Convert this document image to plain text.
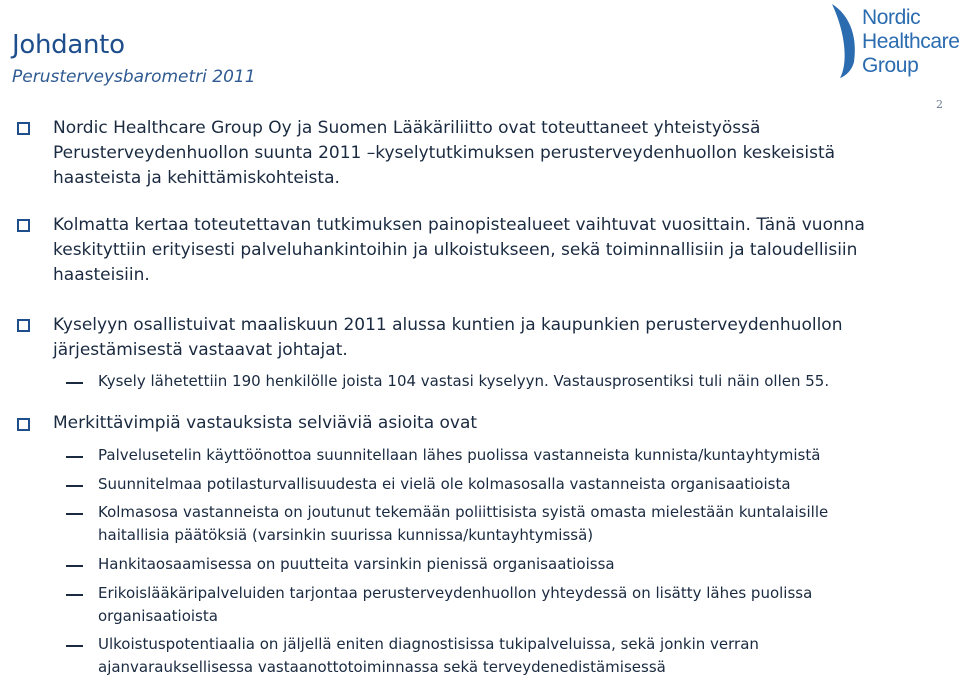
Johdanto
Perusterveysbarometri 2011
Nordic
Healthcare
Group
2
Nordic Healthcare Group Oy ja Suomen Lääkäriliitto ovat toteuttaneet yhteistyössä Perusterveydenhuollon suunta 2011 –kyselytutkimuksen perusterveydenhuollon keskeisistä haasteista ja kehittämiskohteista.
Kolmatta kertaa toteutettavan tutkimuksen painopistealueet vaihtuvat vuosittain. Tänä vuonna keskityttiin erityisesti palveluhankintoihin ja ulkoistukseen, sekä toiminnallisiin ja taloudellisiin haasteisiin.
Kyselyyn osallistuivat maaliskuun 2011 alussa kuntien ja kaupunkien perusterveydenhuollon järjestämisestä vastaavat johtajat.
Kysely lähetettiin 190 henkilölle joista 104 vastasi kyselyyn. Vastausprosentiksi tuli näin ollen 55.
Merkittävimpiä vastauksista selviäviä asioita ovat
Palvelusetelin käyttöönottoa suunnitellaan lähes puolissa vastanneista kunnista/kuntayhtymistä
Suunnitelmaa potilasturvallisuudesta ei vielä ole kolmasosalla vastanneista organisaatioista
Kolmasosa vastanneista on joutunut tekemään poliittisista syistä omasta mielestään kuntalaisille haitallisia päätöksiä (varsinkin suurissa kunnissa/kuntayhtymissä)
Hankitaosaamisessa on puutteita varsinkin pienissä organisaatioissa
Erikoislääkäripalveluiden tarjontaa perusterveydenhuollon yhteydessä on lisätty lähes puolissa organisaatioista
Ulkoistuspotentiaalia on jäljellä eniten diagnostisissa tukipalveluissa, sekä jonkin verran ajanvarauksellisessa vastaanottotoiminnassa sekä terveydenedistämisessä
